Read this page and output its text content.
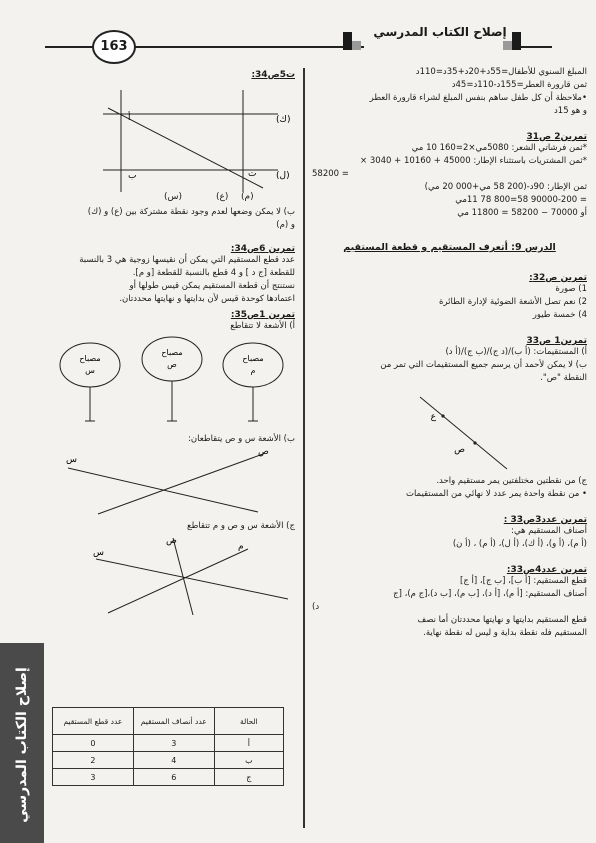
163
إصلاح الكتاب المدرسي
إصلاح الكتاب المدرسي
المبلغ السنوي للأطفال=55د+20د+35د=110د
ثمن قارورة العطر=155د-110د=45د
•ملاحظة أن كل طفل ساهم بنفس المبلغ لشراء قارورة العطر
و هو 15د
تمرين2 ص31
*ثمن فرشاتي الشعر: 5080مي×2=160 10 مي
*ثمن المشتريات باستثناء الإطار: 45000 + 10160 + 3040 ×
= 58200
ثمن الإطار: 90د-(200 58 مي+000 20 مي)
= 90000-200 58=800 78 11مي
أو 70000 − 58200 = 11800 مي
الدرس 9: أتعرف المستقيم و قطعة المستقيم
تمرين ص32:
1) صورة
2) نعم تصل الأشعة الضوئية لإدارة الطائرة
4) خمسة طيور
تمرين1 ص33
أ) المستقيمات: (أ ب)/(د ج)/(ب ج)/(أ د)
ب) لا يمكن لأحمد أن يرسم جميع المستقيمات التي تمر من
النقطة "ص".
ع
ص
ج) من نقطتين مختلفتين يمر مستقيم واحد.
• من نقطة واحدة يمر عدد لا نهائي من المستقيمات
تمرين عدد3ص33 :
أصناف المستقيم هي:
(أ م)، (أ و)، (أ ك)، (أ ل)، (أ م) ، (أ ن)
تمرين عدد4ص33:
قطع المستقيم: [أ ب]، [ب ج]، [أ ج]
أصناف المستقيم: [أ م)، [أ د)، [ب م)، [ب د)،[ج م)، [ج
د)
قطع المستقيم بدايتها و نهايتها محددتان أما نصف
المستقيم فله نقطة بداية و ليس له نقطة نهاية.
ت5ص34:
(ك)
(ل)
أ
ب	ت
(م)
(ع)
(س)
ب) لا يمكن وضعها لعدم وجود نقطة مشتركة بين (ع) و (ك)
و (م)
تمرين 6ص34:
عدد قطع المستقيم التي يمكن أن نقيسها زوجية هي 3 بالنسبة
للقطعة [ج د ] و 4 قطع بالنسبة للقطعة [و م].
نستنتج أن قطعة المستقيم يمكن قيس طولها أو
اعتمادها كوحدة قيس لأن بدايتها و نهايتها محددتان.
تمرين 1ص35:
أ) الأشعة لا تتقاطع
مصباح
س
مصباح
ص
مصباح
م
ب) الأشعة س و ص يتقاطعان:
س
ص
ج) الأشعة س و ص و م تتقاطع
س
ص
م
الحالة	عدد أنصاف المستقيم	عدد قطع المستقيم
أ	3	0
ب	4	2
ج	6	3
